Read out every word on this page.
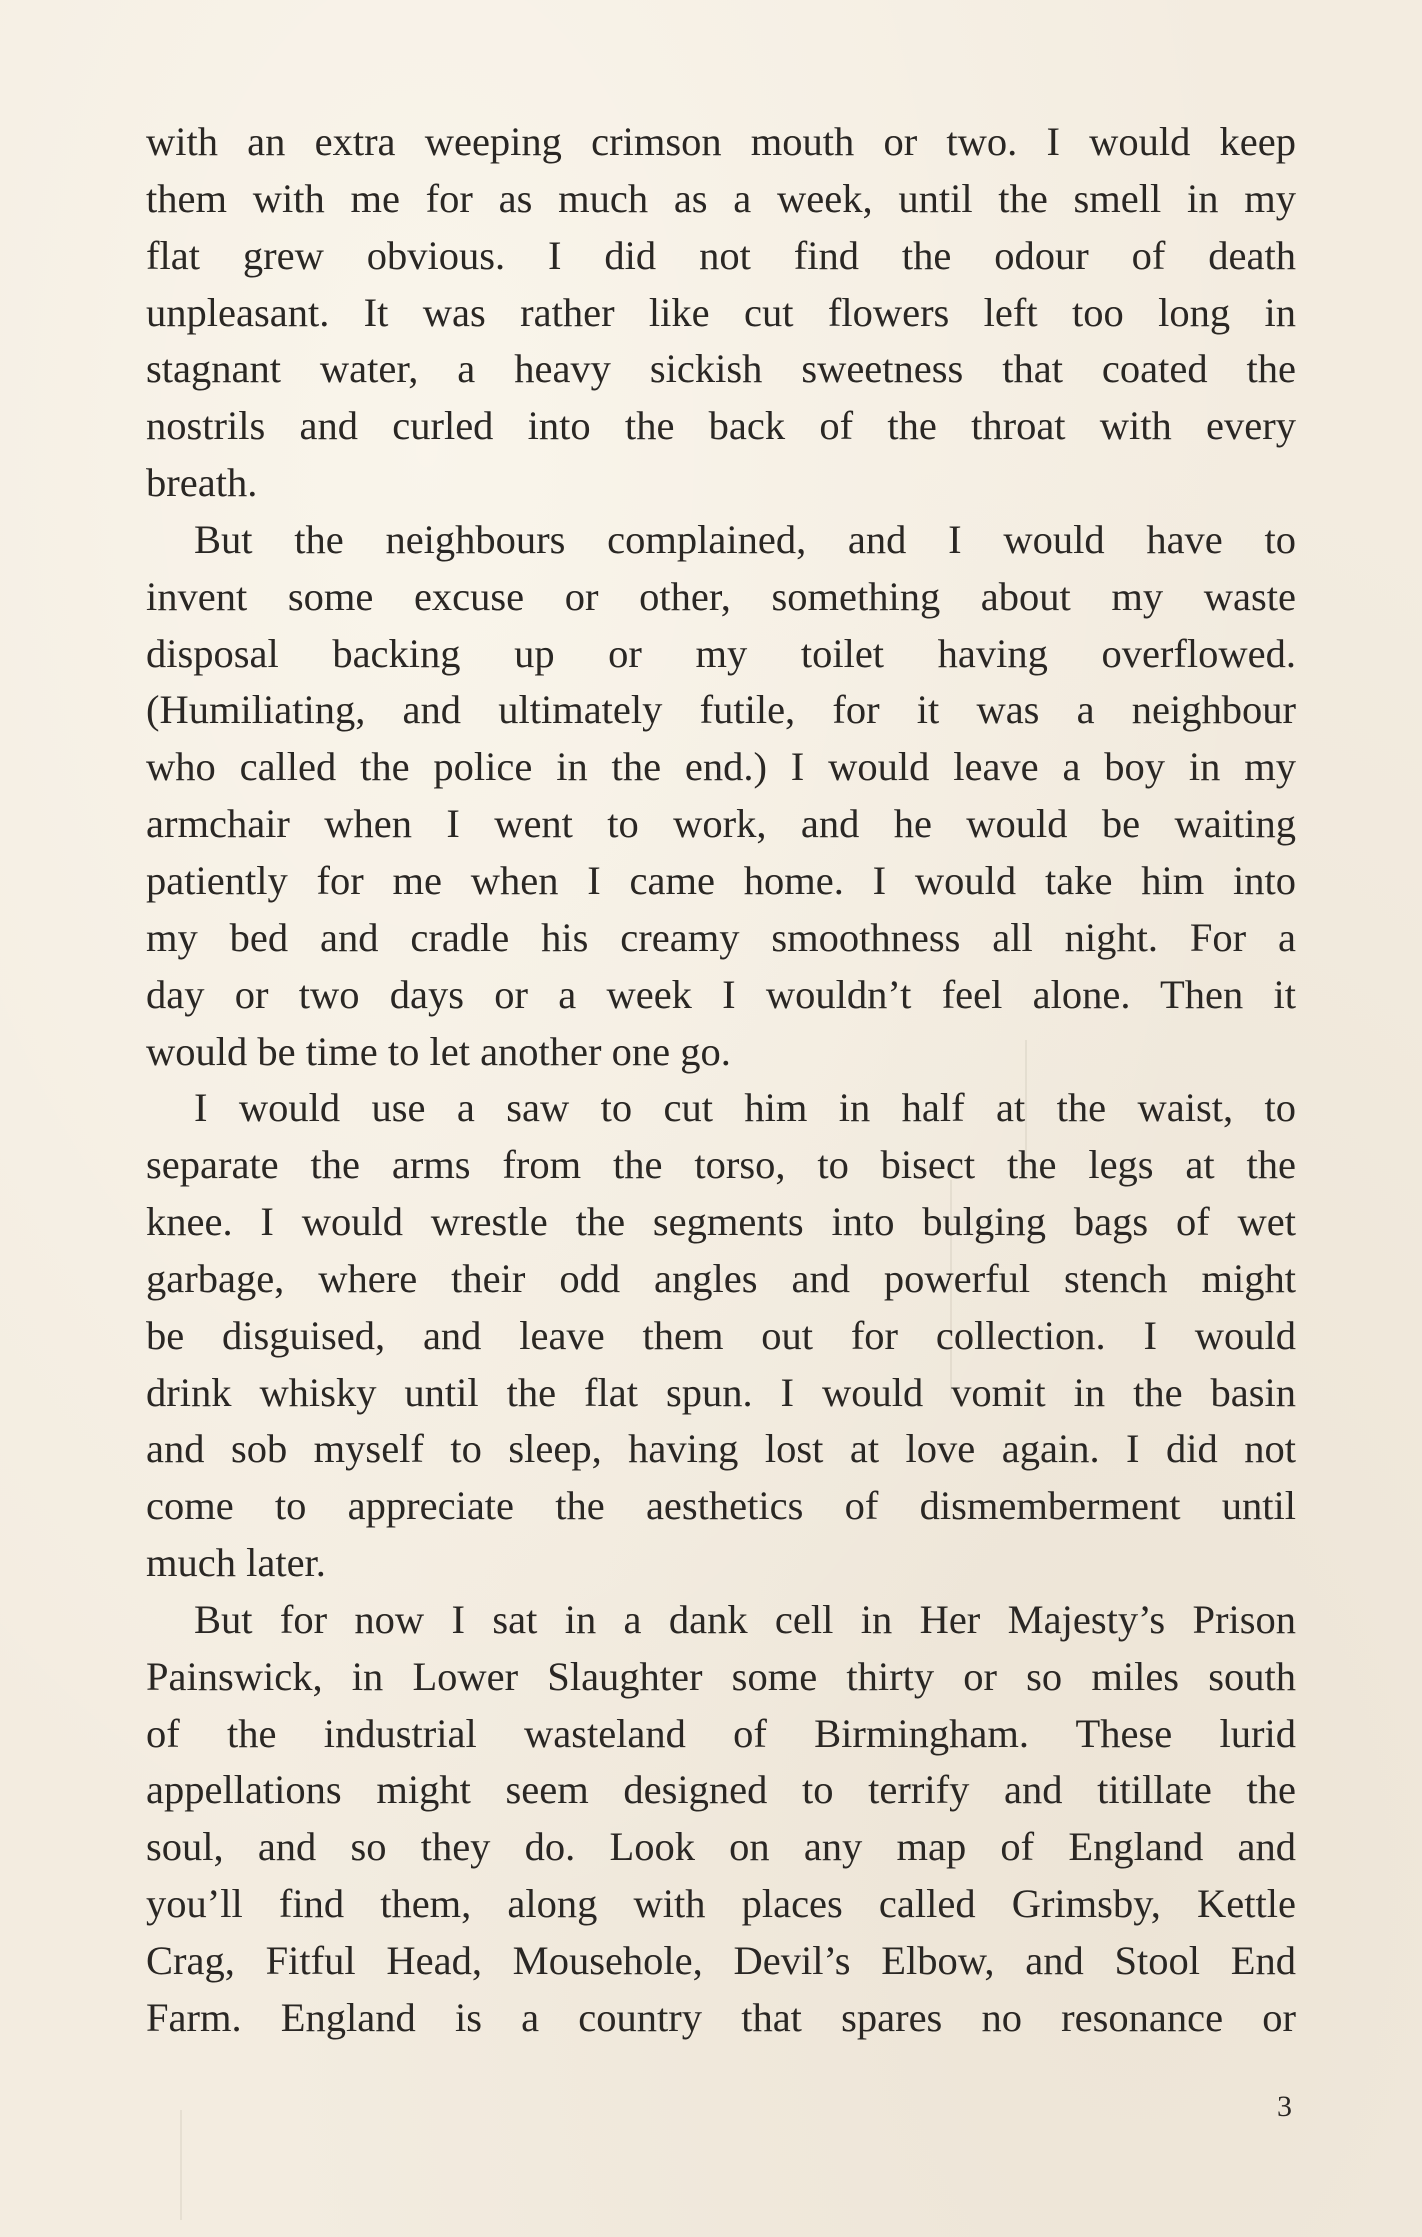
with an extra weeping crimson mouth or two. I would keep
them with me for as much as a week, until the smell in my
flat grew obvious. I did not find the odour of death
unpleasant. It was rather like cut flowers left too long in
stagnant water, a heavy sickish sweetness that coated the
nostrils and curled into the back of the throat with every
breath.
But the neighbours complained, and I would have to
invent some excuse or other, something about my waste
disposal backing up or my toilet having overflowed.
(Humiliating, and ultimately futile, for it was a neighbour
who called the police in the end.) I would leave a boy in my
armchair when I went to work, and he would be waiting
patiently for me when I came home. I would take him into
my bed and cradle his creamy smoothness all night. For a
day or two days or a week I wouldn’t feel alone. Then it
would be time to let another one go.
I would use a saw to cut him in half at the waist, to
separate the arms from the torso, to bisect the legs at the
knee. I would wrestle the segments into bulging bags of wet
garbage, where their odd angles and powerful stench might
be disguised, and leave them out for collection. I would
drink whisky until the flat spun. I would vomit in the basin
and sob myself to sleep, having lost at love again. I did not
come to appreciate the aesthetics of dismemberment until
much later.
But for now I sat in a dank cell in Her Majesty’s Prison
Painswick, in Lower Slaughter some thirty or so miles south
of the industrial wasteland of Birmingham. These lurid
appellations might seem designed to terrify and titillate the
soul, and so they do. Look on any map of England and
you’ll find them, along with places called Grimsby, Kettle
Crag, Fitful Head, Mousehole, Devil’s Elbow, and Stool End
Farm. England is a country that spares no resonance or
3
